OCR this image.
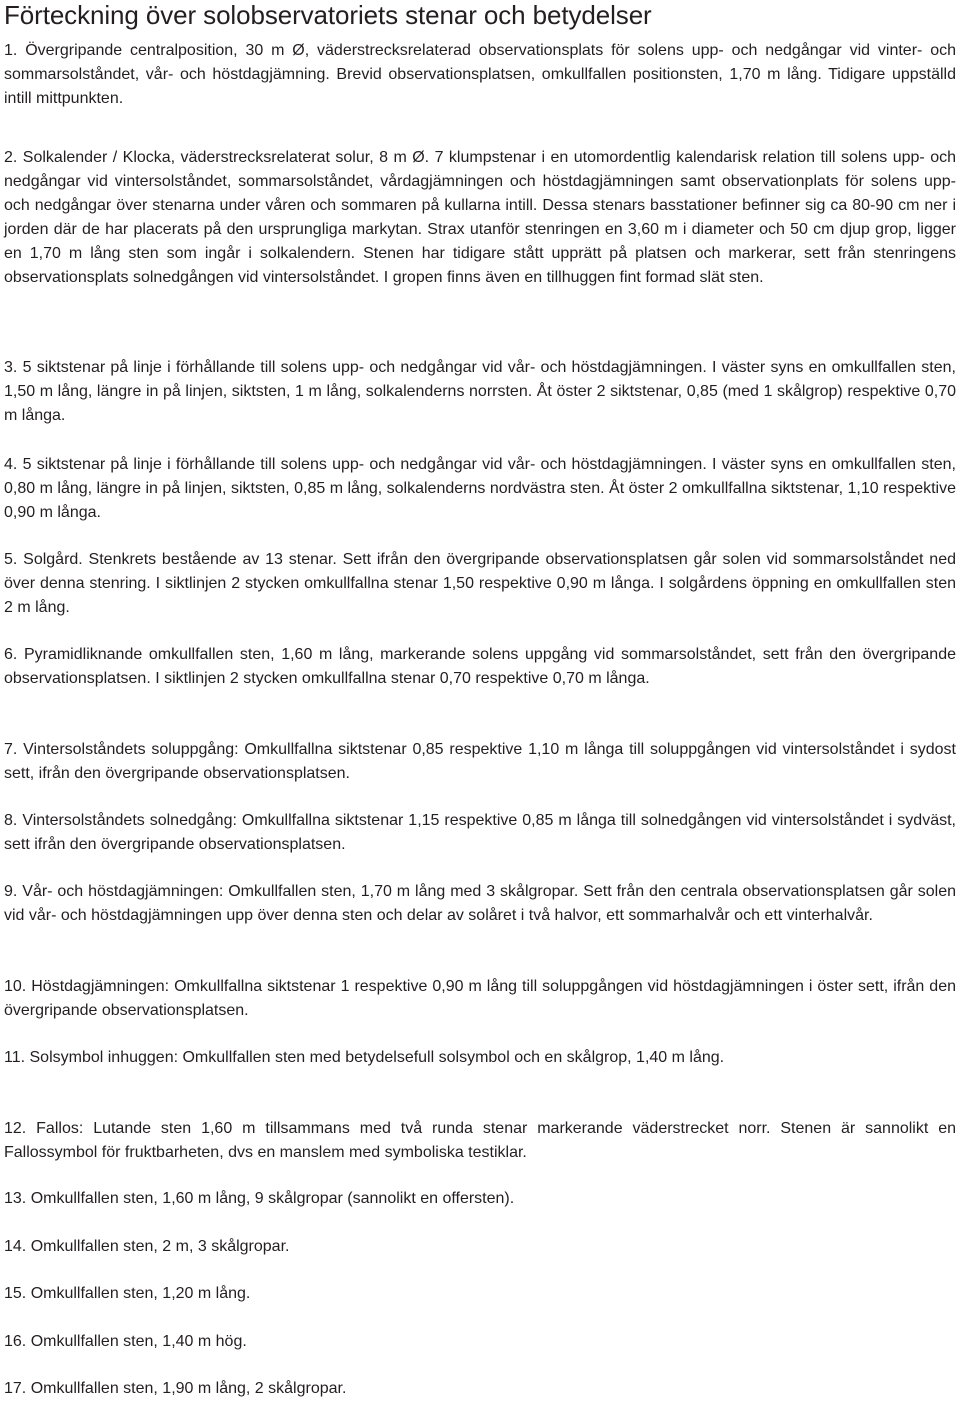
Förteckning över solobservatoriets stenar och betydelser

1. Övergripande centralposition, 30 m Ø, väderstrecksrelaterad observationsplats för solens upp- och nedgångar vid vinter- och sommarsolståndet, vår- och höstdagjämning. Brevid observationsplatsen, omkullfallen positionsten, 1,70 m lång. Tidigare uppställd intill mittpunkten.

2. Solkalender / Klocka, väderstrecksrelaterat solur, 8 m Ø. 7 klumpstenar i en utomordentlig kalendarisk relation till solens upp- och nedgångar vid vintersolståndet, sommarsolståndet, vårdagjämningen och höstdagjämningen samt observationplats för solens upp- och nedgångar över stenarna under våren och sommaren på kullarna intill. Dessa stenars basstationer befinner sig ca 80-90 cm ner i jorden där de har placerats på den ursprungliga markytan. Strax utanför stenringen en 3,60 m i diameter och 50 cm djup grop, ligger en 1,70 m lång sten som ingår i solkalendern. Stenen har tidigare stått upprätt på platsen och markerar, sett från stenringens observationsplats solnedgången vid vintersolståndet. I gropen finns även en tillhuggen fint formad slät sten.

3. 5 siktstenar på linje i förhållande till solens upp- och nedgångar vid vår- och höstdagjämningen. I väster syns en omkullfallen sten, 1,50 m lång, längre in på linjen, siktsten, 1 m lång, solkalenderns norrsten. Åt öster 2 siktstenar, 0,85 (med 1 skålgrop) respektive 0,70 m långa.

4. 5 siktstenar på linje i förhållande till solens upp- och nedgångar vid vår- och höstdagjämningen. I väster syns en omkullfallen sten, 0,80 m lång, längre in på linjen, siktsten, 0,85 m lång, solkalenderns nordvästra sten. Åt öster 2 omkullfallna siktstenar, 1,10 respektive 0,90 m långa.

5. Solgård. Stenkrets bestående av 13 stenar. Sett ifrån den övergripande observationsplatsen går solen vid sommarsolståndet ned över denna stenring. I siktlinjen 2 stycken omkullfallna stenar 1,50 respektive 0,90 m långa. I solgårdens öppning en omkullfallen sten 2 m lång.

6. Pyramidliknande omkullfallen sten, 1,60 m lång, markerande solens uppgång vid sommarsolståndet, sett från den övergripande observationsplatsen. I siktlinjen 2 stycken omkullfallna stenar 0,70 respektive 0,70 m långa.

7. Vintersolståndets soluppgång: Omkullfallna siktstenar 0,85 respektive 1,10 m långa till soluppgången vid vintersolståndet i sydost sett, ifrån den övergripande observationsplatsen.

8. Vintersolståndets solnedgång: Omkullfallna siktstenar 1,15 respektive 0,85 m långa till solnedgången vid vintersolståndet i sydväst, sett ifrån den övergripande observationsplatsen.

9. Vår- och höstdagjämningen: Omkullfallen sten, 1,70 m lång med 3 skålgropar. Sett från den centrala observationsplatsen går solen vid vår- och höstdagjämningen upp över denna sten och delar av solåret i två halvor, ett sommarhalvår och ett vinterhalvår.

10. Höstdagjämningen: Omkullfallna siktstenar 1 respektive 0,90 m lång till soluppgången vid höstdagjämningen i öster sett, ifrån den övergripande observationsplatsen.

11. Solsymbol inhuggen: Omkullfallen sten med betydelsefull solsymbol och en skålgrop, 1,40 m lång.

12. Fallos: Lutande sten 1,60 m tillsammans med två runda stenar markerande väderstrecket norr. Stenen är sannolikt en Fallossymbol för fruktbarheten, dvs en manslem med symboliska testiklar.

13. Omkullfallen sten, 1,60 m lång, 9 skålgropar (sannolikt en offersten).

14. Omkullfallen sten, 2 m, 3 skålgropar.

15. Omkullfallen sten, 1,20 m lång.

16. Omkullfallen sten, 1,40 m hög.

17. Omkullfallen sten, 1,90 m lång, 2 skålgropar.
